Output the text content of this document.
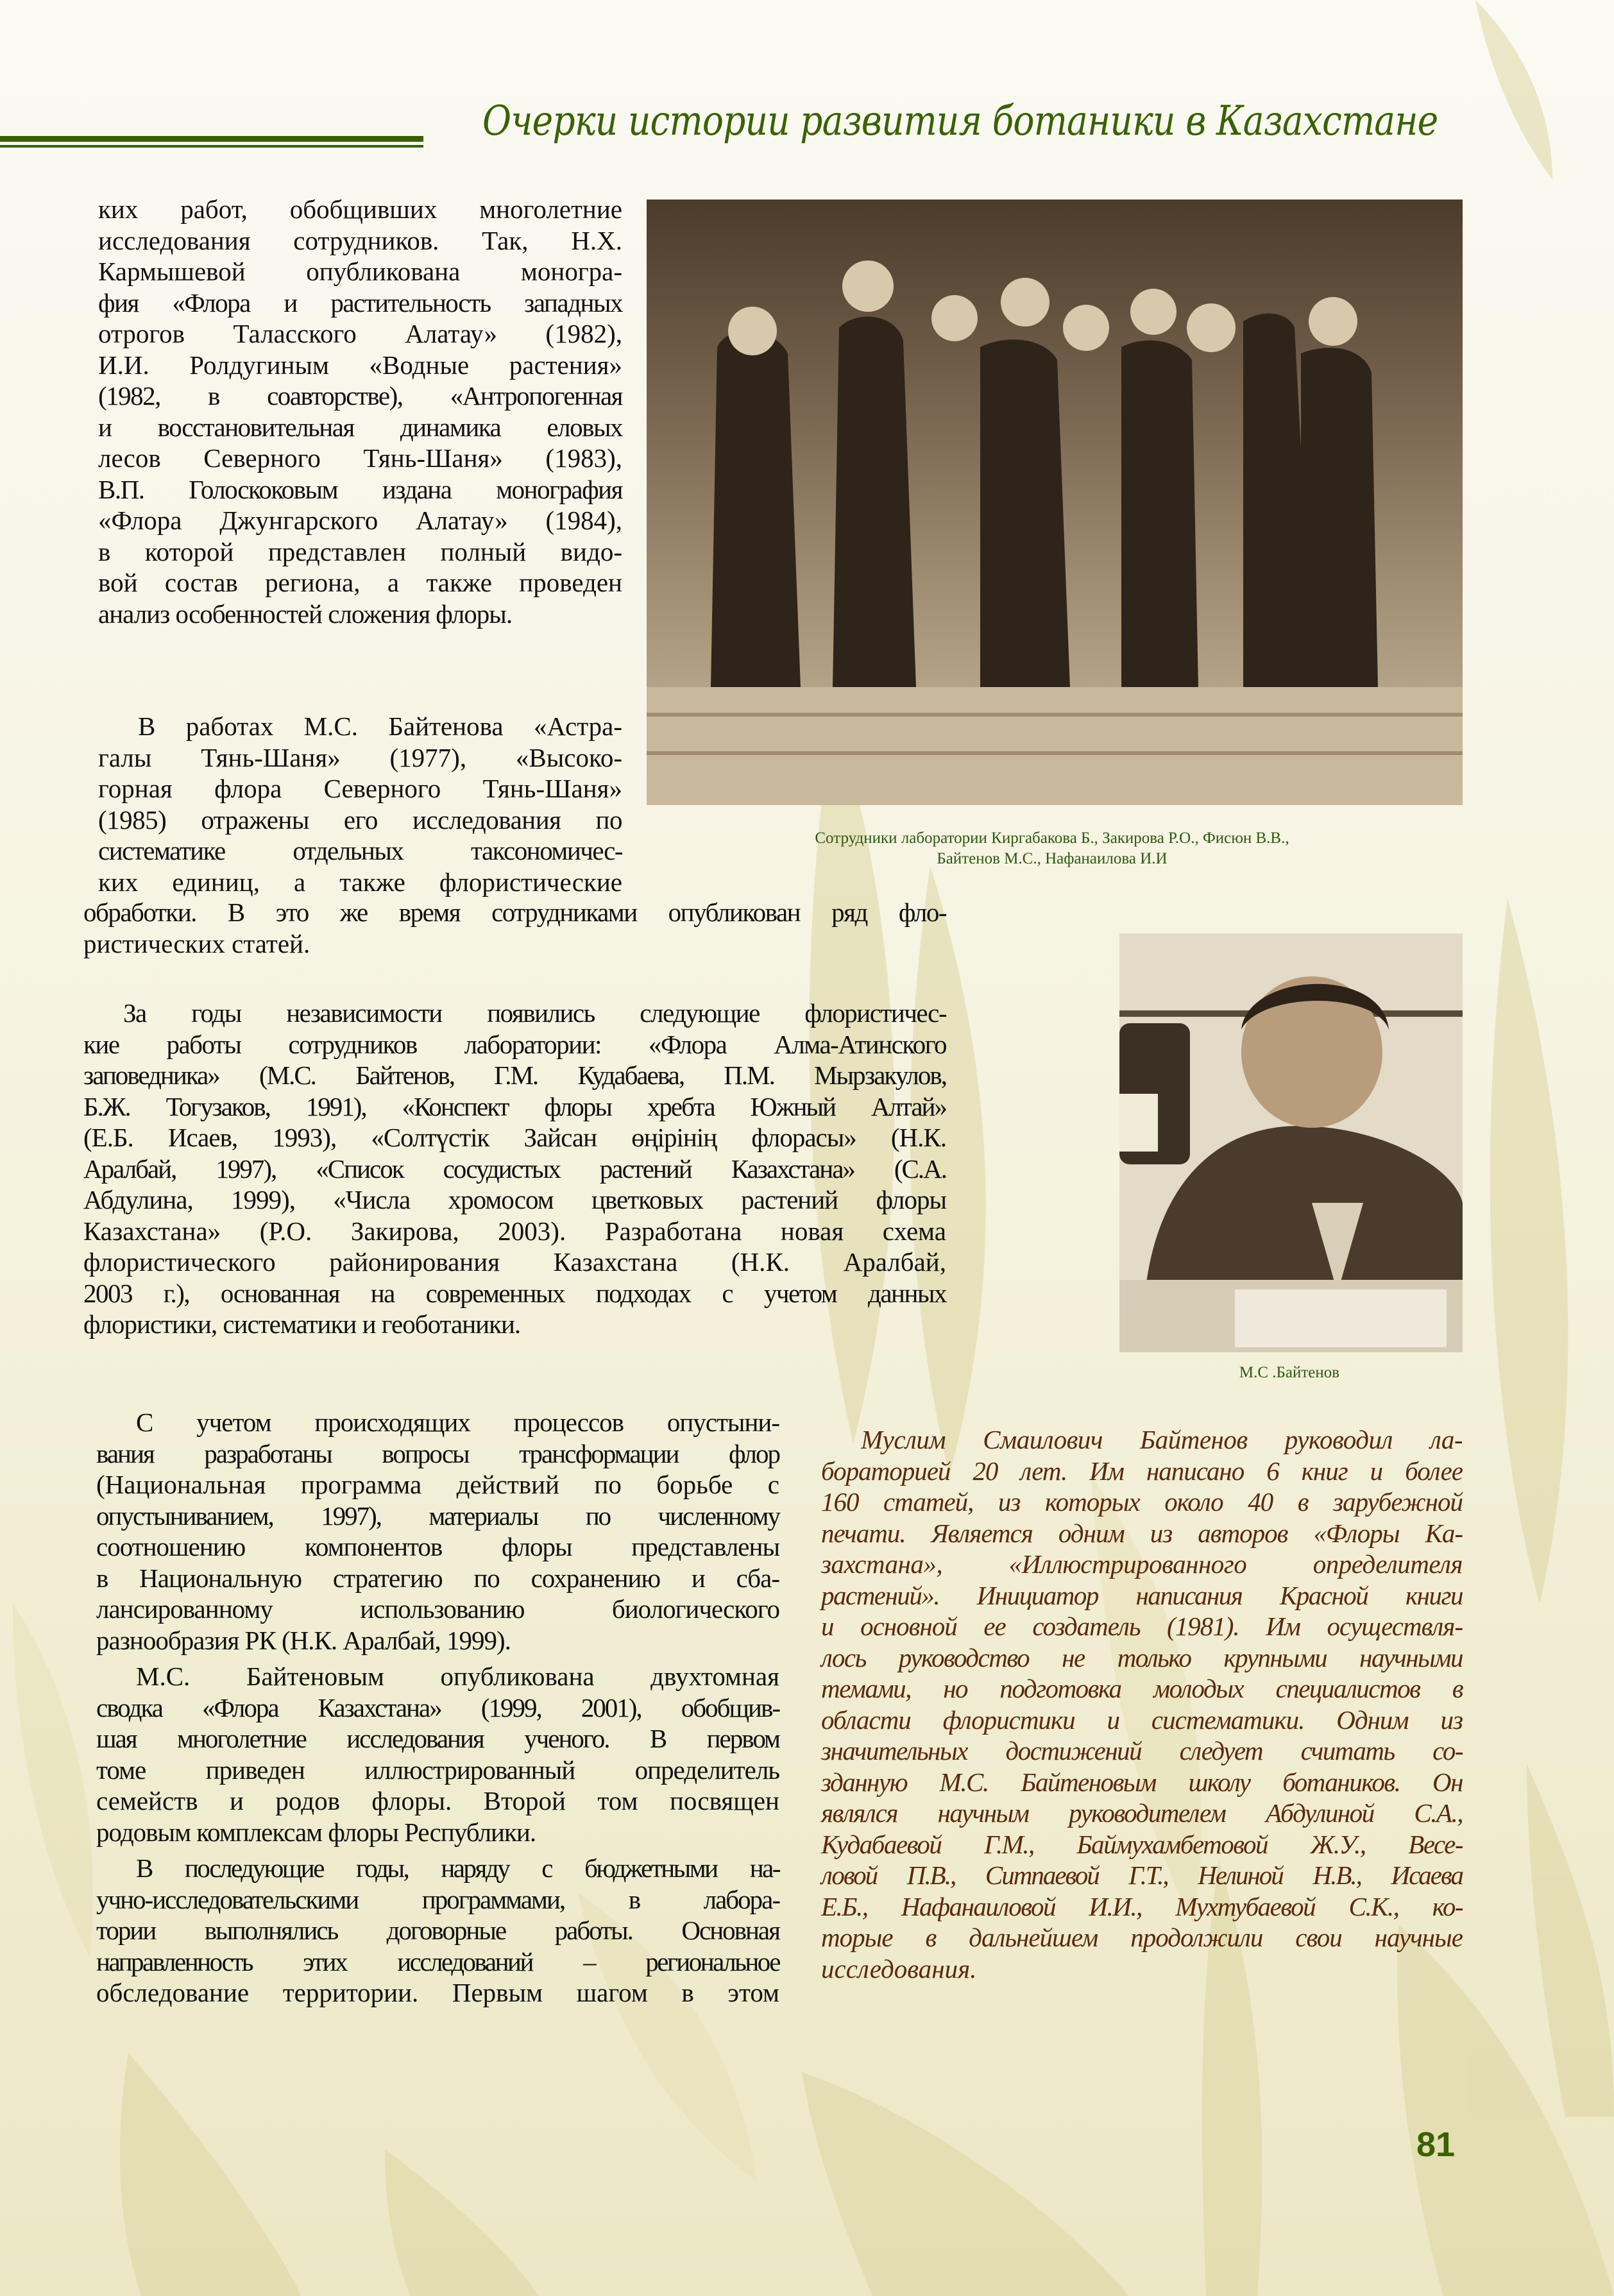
Очерки истории развития ботаники в Казахстане
ких работ, обобщивших многолетние
исследования сотрудников. Так, Н.Х.
Кармышевой опубликована моногра-
фия «Флора и растительность западных
отрогов Таласского Алатау» (1982),
И.И. Ролдугиным «Водные растения»
(1982, в соавторстве), «Антропогенная
и восстановительная динамика еловых
лесов Северного Тянь-Шаня» (1983),
В.П. Голоскоковым издана монография
«Флора Джунгарского Алатау» (1984),
в которой представлен полный видо-
вой состав региона, а также проведен
анализ особенностей сложения флоры.
В работах М.С. Байтенова «Астра-
галы Тянь-Шаня» (1977), «Высоко-
горная флора Северного Тянь-Шаня»
(1985) отражены его исследования по
систематике отдельных таксономичес-
ких единиц, а также флористические
Сотрудники лаборатории Киргабакова Б., Закирова Р.О., Фисюн В.В.,
Байтенов М.С., Нафанаилова И.И
обработки. В это же время сотрудниками опубликован ряд фло-
ристических статей.
За годы независимости появились следующие флористичес-
кие работы сотрудников лаборатории: «Флора Алма-Атинского
заповедника» (М.С. Байтенов, Г.М. Кудабаева, П.М. Мырзакулов,
Б.Ж. Тогузаков, 1991), «Конспект флоры хребта Южный Алтай»
(Е.Б. Исаев, 1993), «Солтүстік Зайсан өңірінің флорасы» (Н.К.
Аралбай, 1997), «Список сосудистых растений Казахстана» (С.А.
Абдулина, 1999), «Числа хромосом цветковых растений флоры
Казахстана» (Р.О. Закирова, 2003). Разработана новая схема
флористического районирования Казахстана (Н.К. Аралбай,
2003 г.), основанная на современных подходах с учетом данных
флористики, систематики и геоботаники.
М.С .Байтенов
С учетом происходящих процессов опустыни-
вания разработаны вопросы трансформации флор
(Национальная программа действий по борьбе с
опустыниванием, 1997), материалы по численному
соотношению компонентов флоры представлены
в Национальную стратегию по сохранению и сба-
лансированному использованию биологического
разнообразия РК (Н.К. Аралбай, 1999).
М.С. Байтеновым опубликована двухтомная
сводка «Флора Казахстана» (1999, 2001), обобщив-
шая многолетние исследования ученого. В первом
томе приведен иллюстрированный определитель
семейств и родов флоры. Второй том посвящен
родовым комплексам флоры Республики.
В последующие годы, наряду с бюджетными на-
учно-исследовательскими программами, в лабора-
тории выполнялись договорные работы. Основная
направленность этих исследований – региональное
обследование территории. Первым шагом в этом
Муслим Смаилович Байтенов руководил ла-
бораторией 20 лет. Им написано 6 книг и более
160 статей, из которых около 40 в зарубежной
печати. Является одним из авторов «Флоры Ка-
захстана», «Иллюстрированного определителя
растений». Инициатор написания Красной книги
и основной ее создатель (1981). Им осуществля-
лось руководство не только крупными научными
темами, но подготовка молодых специалистов в
области флористики и систематики. Одним из
значительных достижений следует считать со-
зданную М.С. Байтеновым школу ботаников. Он
являлся научным руководителем Абдулиной С.А.,
Кудабаевой Г.М., Баймухамбетовой Ж.У., Весе-
ловой П.В., Ситпаевой Г.Т., Нелиной Н.В., Исаева
Е.Б., Нафанаиловой И.И., Мухтубаевой С.К., ко-
торые в дальнейшем продолжили свои научные
исследования.
81
